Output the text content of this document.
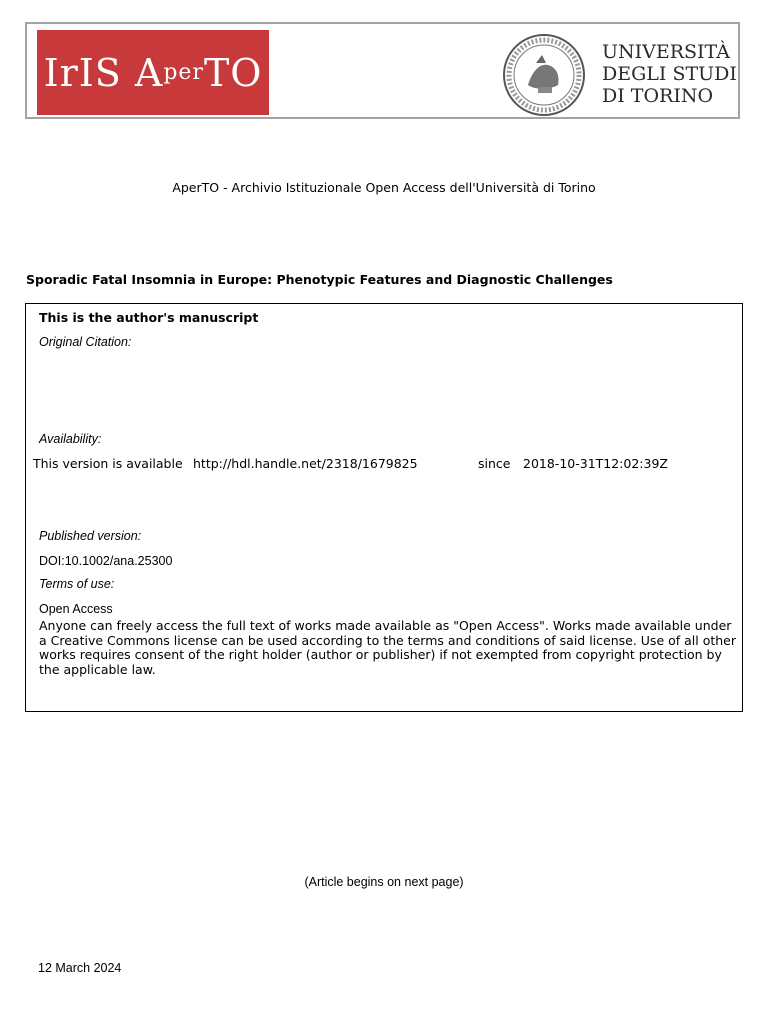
IrIS A per TO	UNIVERSITÀ
DEGLI STUDI
DI TORINO
AperTO - Archivio Istituzionale Open Access dell'Università di Torino
Sporadic Fatal Insomnia in Europe: Phenotypic Features and Diagnostic Challenges
This is the author's manuscript
Original Citation:
Availability:
This version is available http://hdl.handle.net/2318/1679825	since 2018-10-31T12:02:39Z
Published version:
DOI:10.1002/ana.25300
Terms of use:
Open Access
Anyone can freely access the full text of works made available as "Open Access". Works made available under a Creative Commons license can be used according to the terms and conditions of said license. Use of all other works requires consent of the right holder (author or publisher) if not exempted from copyright protection by the applicable law.
(Article begins on next page)
12 March 2024
